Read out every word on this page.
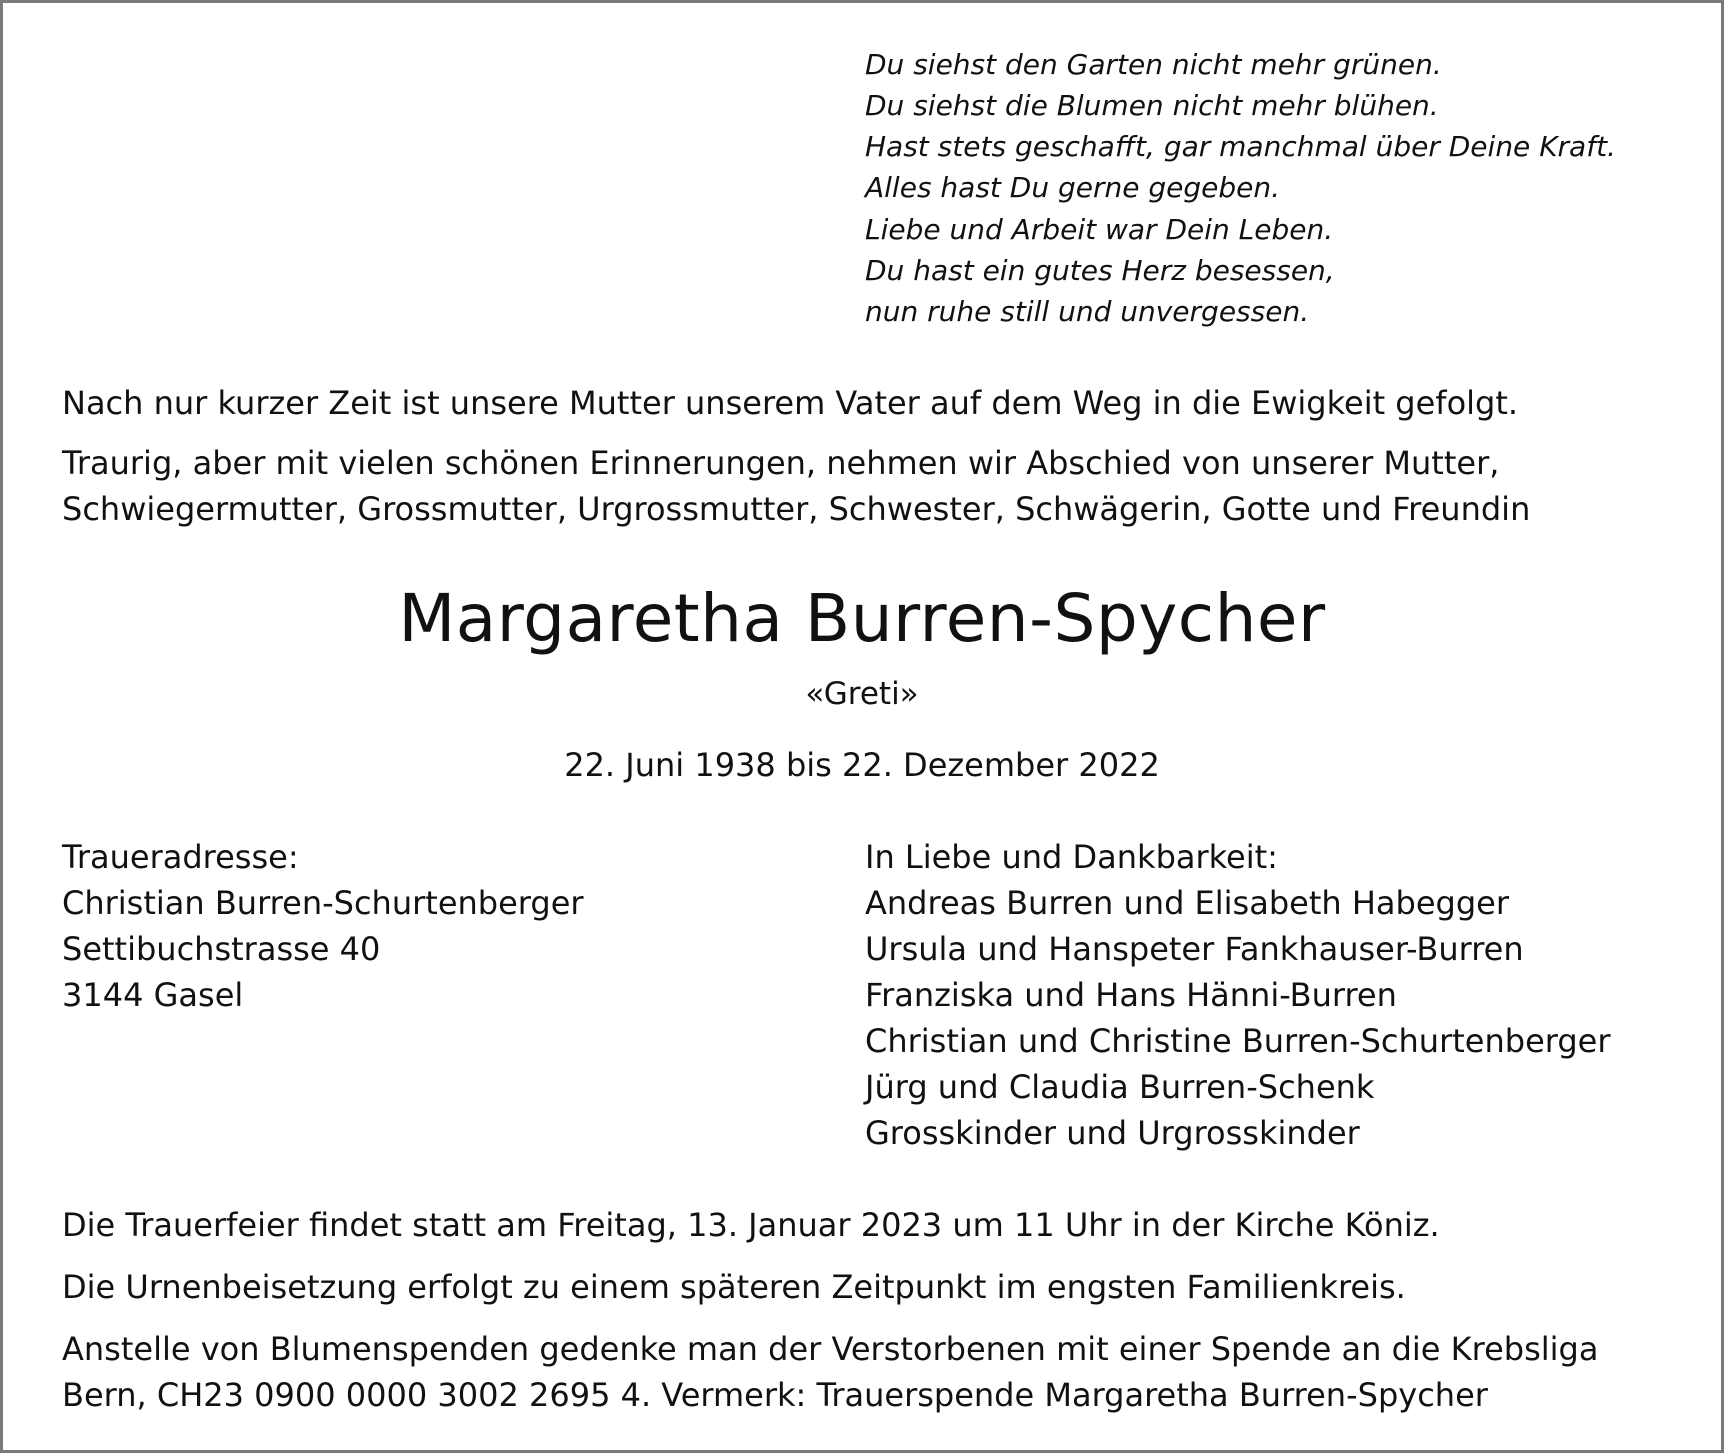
Du siehst den Garten nicht mehr grünen.

Du siehst die Blumen nicht mehr blühen.

Hast stets geschafft, gar manchmal über Deine Kraft.

Alles hast Du gerne gegeben.

Liebe und Arbeit war Dein Leben.

Du hast ein gutes Herz besessen,

nun ruhe still und unvergessen.

Nach nur kurzer Zeit ist unsere Mutter unserem Vater auf dem Weg in die Ewigkeit gefolgt.

Traurig, aber mit vielen schönen Erinnerungen, nehmen wir Abschied von unserer Mutter,

Schwiegermutter, Grossmutter, Urgrossmutter, Schwester, Schwägerin, Gotte und Freundin

Margaretha Burren-Spycher
«Greti»
22. Juni 1938 bis 22. Dezember 2022

Traueradresse:

Christian Burren-Schurtenberger

Settibuchstrasse 40

3144 Gasel

In Liebe und Dankbarkeit:

Andreas Burren und Elisabeth Habegger

Ursula und Hanspeter Fankhauser-Burren

Franziska und Hans Hänni-Burren

Christian und Christine Burren-Schurtenberger

Jürg und Claudia Burren-Schenk

Grosskinder und Urgrosskinder

Die Trauerfeier findet statt am Freitag, 13. Januar 2023 um 11 Uhr in der Kirche Köniz.

Die Urnenbeisetzung erfolgt zu einem späteren Zeitpunkt im engsten Familienkreis.

Anstelle von Blumenspenden gedenke man der Verstorbenen mit einer Spende an die Krebsliga

Bern, CH23 0900 0000 3002 2695 4. Vermerk: Trauerspende Margaretha Burren-Spycher
